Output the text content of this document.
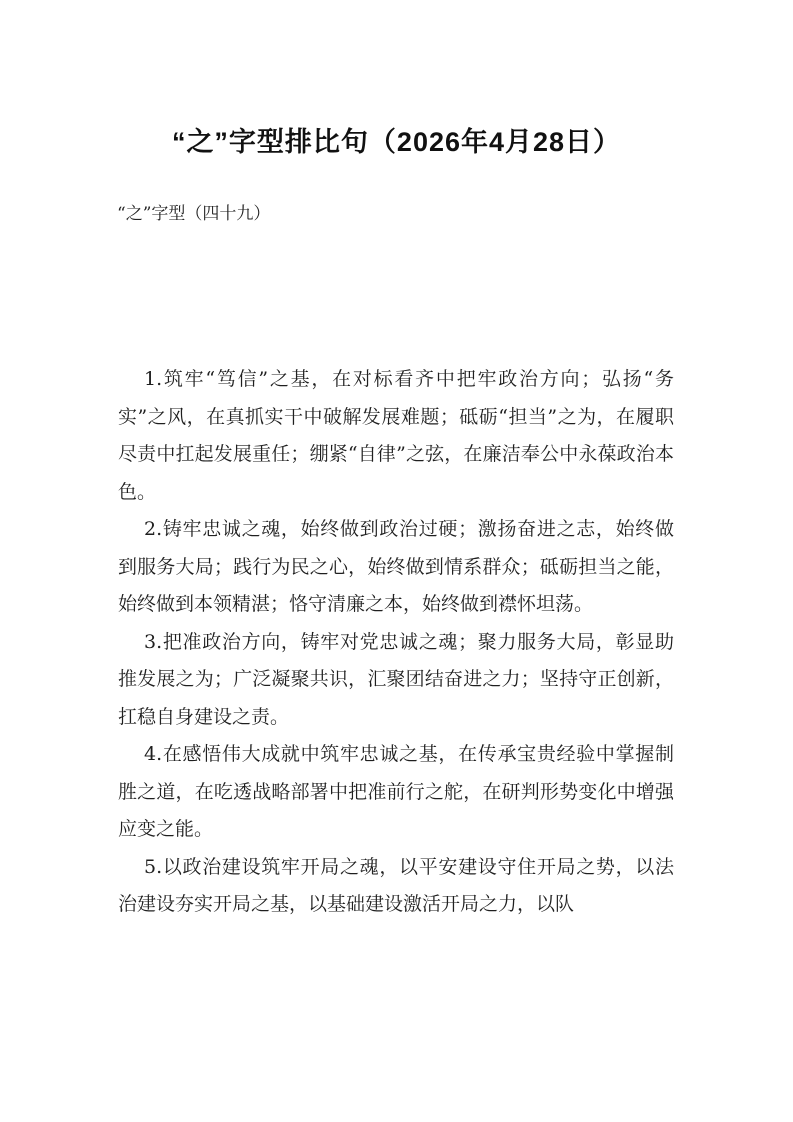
“之”字型排比句（2026年4月28日）
“之”字型（四十九）

1.筑牢“笃信”之基，在对标看齐中把牢政治方向；弘扬“务实”之风，在真抓实干中破解发展难题；砥砺“担当”之为，在履职尽责中扛起发展重任；绷紧“自律”之弦，在廉洁奉公中永葆政治本色。

2.铸牢忠诚之魂，始终做到政治过硬；激扬奋进之志，始终做到服务大局；践行为民之心，始终做到情系群众；砥砺担当之能，始终做到本领精湛；恪守清廉之本，始终做到襟怀坦荡。

3.把准政治方向，铸牢对党忠诚之魂；聚力服务大局，彰显助推发展之为；广泛凝聚共识，汇聚团结奋进之力；坚持守正创新，扛稳自身建设之责。

4.在感悟伟大成就中筑牢忠诚之基，在传承宝贵经验中掌握制胜之道，在吃透战略部署中把准前行之舵，在研判形势变化中增强应变之能。

5.以政治建设筑牢开局之魂，以平安建设守住开局之势，以法治建设夯实开局之基，以基础建设激活开局之力，以队
